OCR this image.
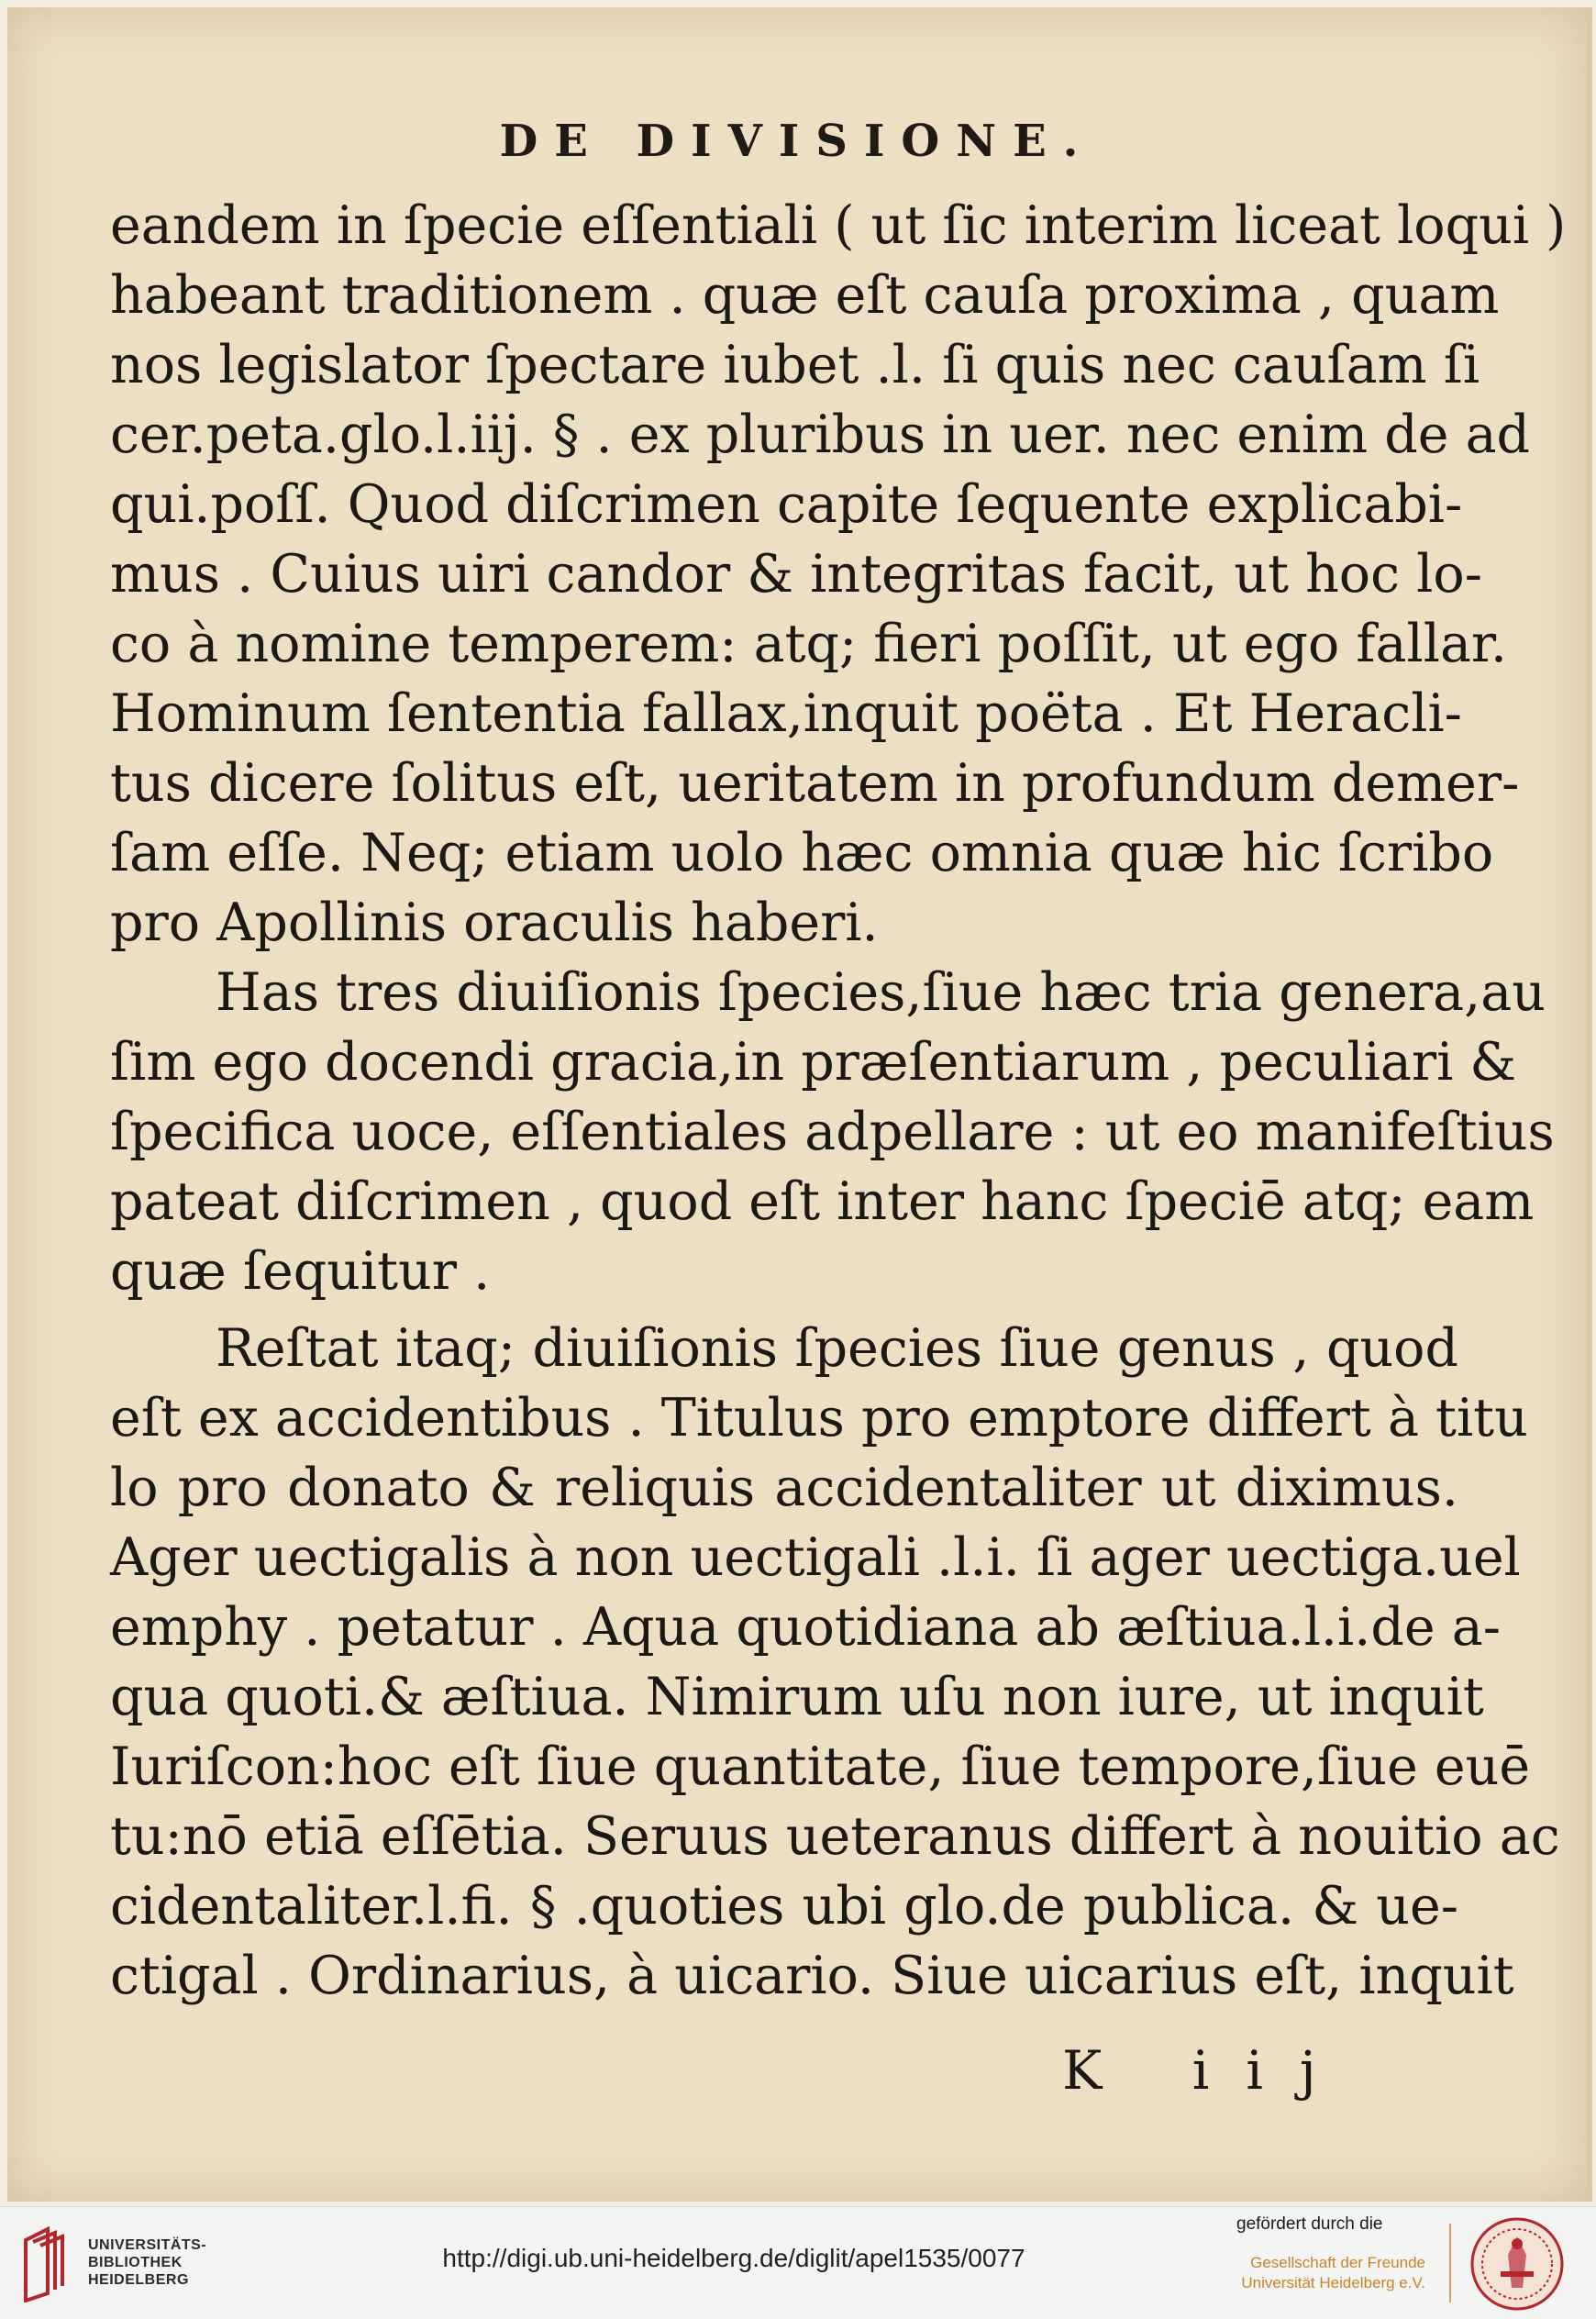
DE DIVISIONE.
eandem in ſpecie eſſentiali ( ut ſic interim liceat loqui )
habeant traditionem . quæ eſt cauſa proxima , quam
nos legislator ſpectare iubet .l. ſi quis nec cauſam ſi
cer.peta.glo.l.iij. § . ex pluribus in uer. nec enim de ad
qui.poſſ. Quod diſcrimen capite ſequente explicabi-
mus . Cuius uiri candor & integritas facit, ut hoc lo-
co à nomine temperem: atq; fieri poſſit, ut ego fallar.
Hominum ſententia fallax,inquit poëta . Et Heracli-
tus dicere ſolitus eſt, ueritatem in profundum demer-
ſam eſſe. Neq; etiam uolo hæc omnia quæ hic ſcribo
pro Apollinis oraculis haberi.
Has tres diuiſionis ſpecies,ſiue hæc tria genera,au
ſim ego docendi gracia,in præſentiarum , peculiari &
ſpecifica uoce, eſſentiales adpellare : ut eo manifeſtius
pateat diſcrimen , quod eſt inter hanc ſpeciē atq; eam
quæ ſequitur .
Reſtat itaq; diuiſionis ſpecies ſiue genus , quod
eſt ex accidentibus . Titulus pro emptore differt à titu
lo pro donato & reliquis accidentaliter ut diximus.
Ager uectigalis à non uectigali .l.i. ſi ager uectiga.uel
emphy . petatur . Aqua quotidiana ab æſtiua.l.i.de a-
qua quoti.& æſtiua. Nimirum uſu non iure, ut inquit
Iuriſcon:hoc eſt ſiue quantitate, ſiue tempore,ſiue euē
tu:nō etiā eſſētia. Seruus ueteranus differt à nouitio ac
cidentaliter.l.fi. § .quoties ubi glo.de publica. & ue-
ctigal . Ordinarius, à uicario. Siue uicarius eſt, inquit
K iij
UNIVERSITÄTS-
BIBLIOTHEK
HEIDELBERG
http://digi.ub.uni-heidelberg.de/diglit/apel1535/0077
gefördert durch die
Gesellschaft der Freunde
Universität Heidelberg e.V.
